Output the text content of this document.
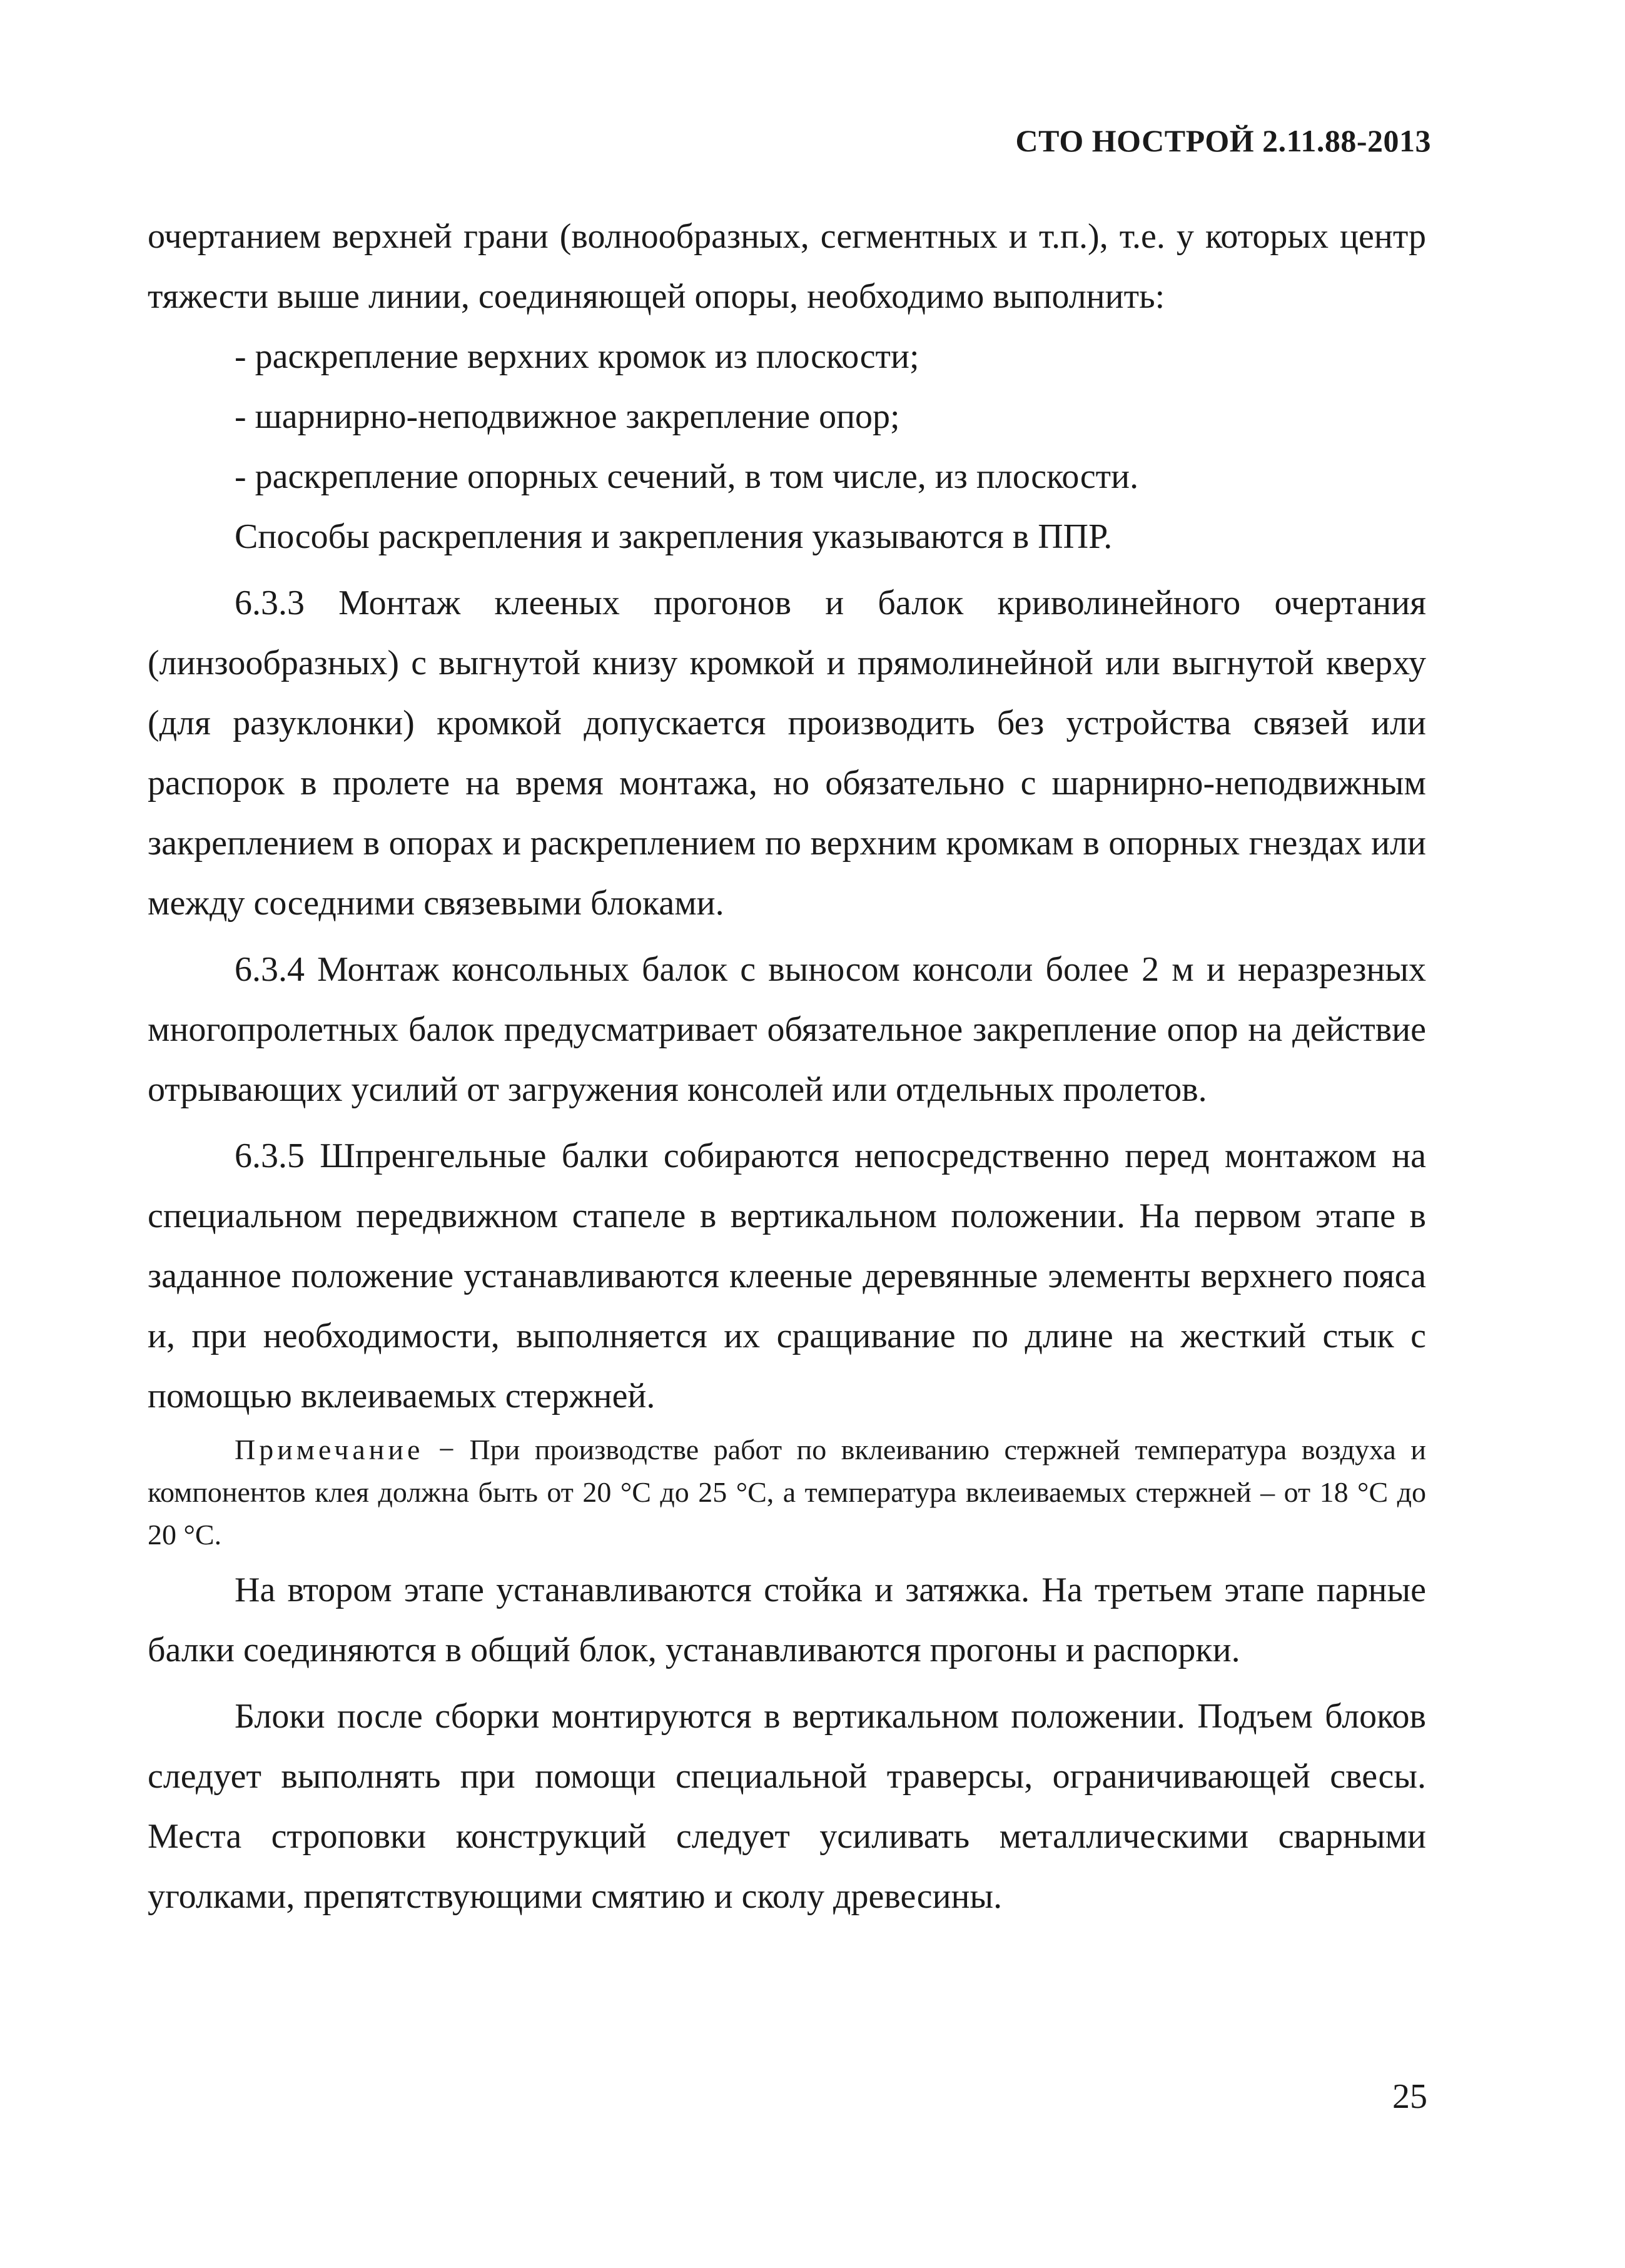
СТО НОСТРОЙ 2.11.88-2013

очертанием верхней грани (волнообразных, сегментных и т.п.), т.е. у которых центр тяжести выше линии, соединяющей опоры, необходимо выполнить:

- раскрепление верхних кромок из плоскости;

- шарнирно-неподвижное закрепление опор;

- раскрепление опорных сечений, в том числе, из плоскости.

Способы раскрепления и закрепления указываются в ППР.

6.3.3 Монтаж клееных прогонов и балок криволинейного очертания (линзообразных) с выгнутой книзу кромкой и прямолинейной или выгнутой кверху (для разуклонки) кромкой допускается производить без устройства связей или распорок в пролете на время монтажа, но обязательно с шарнирно-неподвижным закреплением в опорах и раскреплением по верхним кромкам в опорных гнездах или между соседними связевыми блоками.

6.3.4 Монтаж консольных балок с выносом консоли более 2 м и неразрезных многопролетных балок предусматривает обязательное закрепление опор на действие отрывающих усилий от загружения консолей или отдельных пролетов.

6.3.5 Шпренгельные балки собираются непосредственно перед монтажом на специальном передвижном стапеле в вертикальном положении. На первом этапе в заданное положение устанавливаются клееные деревянные элементы верхнего пояса и, при необходимости, выполняется их сращивание по длине на жесткий стык с помощью вклеиваемых стержней.

Примечание − При производстве работ по вклеиванию стержней температура воздуха и компонентов клея должна быть от 20 °С до 25 °С, а температура вклеиваемых стержней – от 18 °С до 20 °С.

На втором этапе устанавливаются стойка и затяжка. На третьем этапе парные балки соединяются в общий блок, устанавливаются прогоны и распорки.

Блоки после сборки монтируются в вертикальном положении. Подъем блоков следует выполнять при помощи специальной траверсы, ограничивающей свесы. Места строповки конструкций следует усиливать металлическими сварными уголками, препятствующими смятию и сколу древесины.

25
